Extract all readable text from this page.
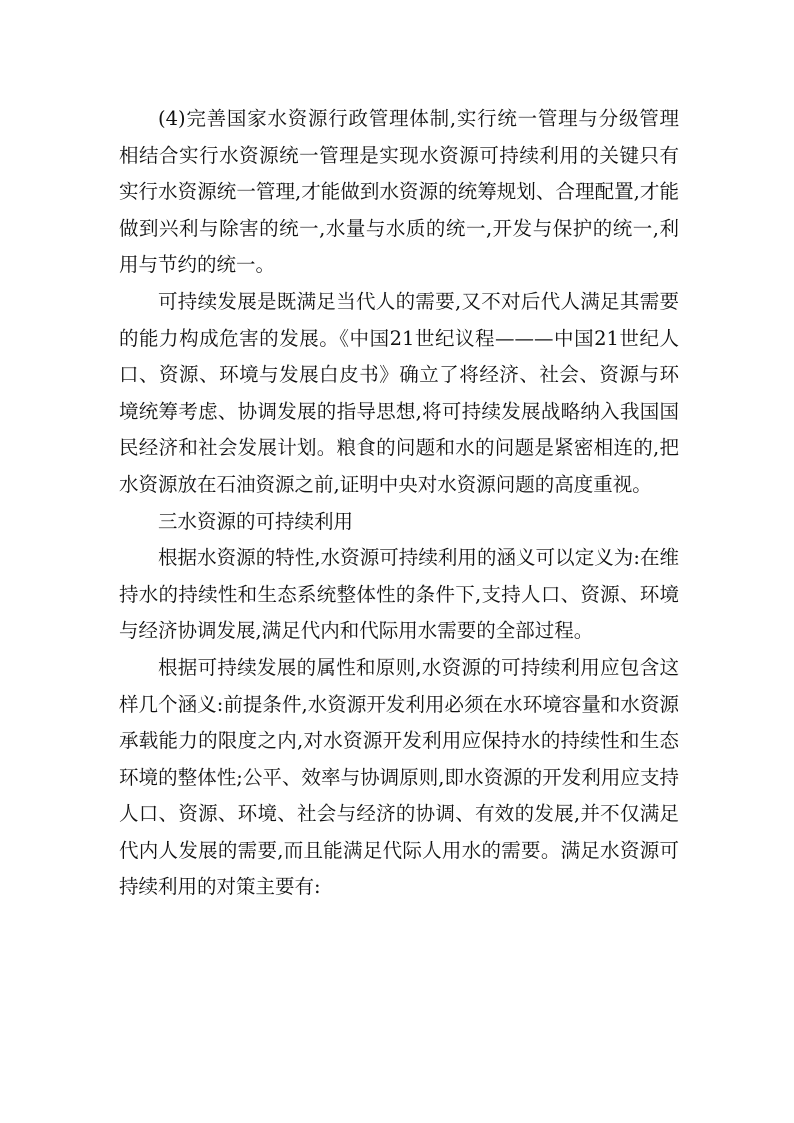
(4)完善国家水资源行政管理体制,实行统一管理与分级管理相结合实行水资源统一管理是实现水资源可持续利用的关键只有实行水资源统一管理,才能做到水资源的统筹规划、合理配置,才能做到兴利与除害的统一,水量与水质的统一,开发与保护的统一,利用与节约的统一。

可持续发展是既满足当代人的需要,又不对后代人满足其需要的能力构成危害的发展。《中国21世纪议程———中国21世纪人口、资源、环境与发展白皮书》确立了将经济、社会、资源与环境统筹考虑、协调发展的指导思想,将可持续发展战略纳入我国国民经济和社会发展计划。粮食的问题和水的问题是紧密相连的,把水资源放在石油资源之前,证明中央对水资源问题的高度重视。

三水资源的可持续利用

根据水资源的特性,水资源可持续利用的涵义可以定义为:在维持水的持续性和生态系统整体性的条件下,支持人口、资源、环境与经济协调发展,满足代内和代际用水需要的全部过程。

根据可持续发展的属性和原则,水资源的可持续利用应包含这样几个涵义:前提条件,水资源开发利用必须在水环境容量和水资源承载能力的限度之内,对水资源开发利用应保持水的持续性和生态环境的整体性;公平、效率与协调原则,即水资源的开发利用应支持人口、资源、环境、社会与经济的协调、有效的发展,并不仅满足代内人发展的需要,而且能满足代际人用水的需要。满足水资源可持续利用的对策主要有:
